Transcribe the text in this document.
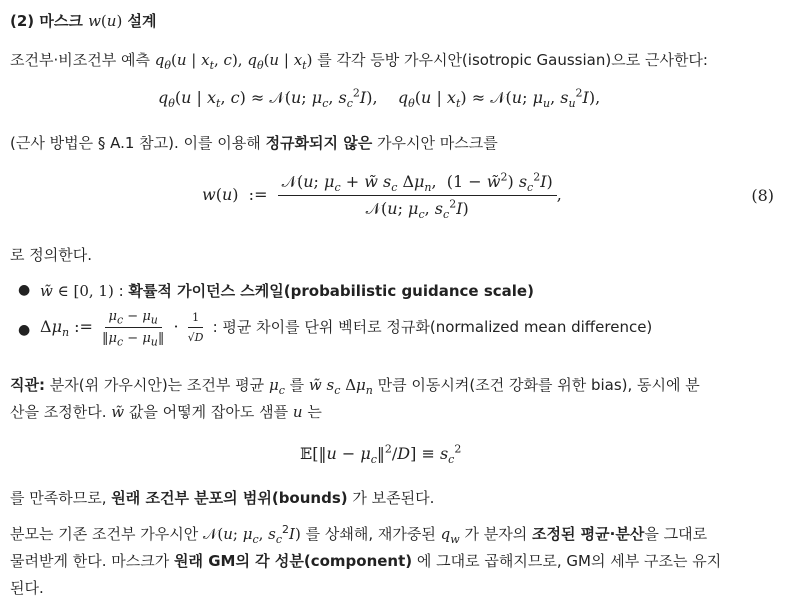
(2) 마스크 w(u) 설계
조건부·비조건부 예측 $q_\theta(u$ | $x_t$, c), $q_\theta(u$ | $x_t$) 를 각각 등방 가우시안(isotropic Gaussian)으로 근사한다:
$q_\theta(u$ | $x_t$, c) ≈ 𝒩(u; $\mu_c$, $s_c^2I$),    $q_\theta(u$ | $x_t$) ≈ 𝒩(u; $\mu_u$, $s_u^2I$),
(근사 방법은 § A.1 참고). 이를 이용해 정규화되지 않은 가우시안 마스크를
w(u)  := $\frac{𝒩(u; \mu_c + w̃ s_c \Delta\mu_n, (1 - w̃^2) s_c^2I)}{𝒩(u; \mu_c, s_c^2I)}$ ,	(8)
로 정의한다.
● w̃ ∈ [0, 1) : 확률적 가이던스 스케일(probabilistic guidance scale)
● $\Delta\mu_n$ := $\frac{\mu_c - \mu_u}{‖\mu_c - \mu_u‖} \cdot \frac{1}{√D}$ : 평균 차이를 단위 벡터로 정규화(normalized mean difference)
직관: 분자(위 가우시안)는 조건부 평균 $\mu_c$ 를 w̃ $s_c$ $\Delta\mu_n$ 만큼 이동시켜(조건 강화를 위한 bias), 동시에 분
산을 조정한다. w̃ 값을 어떻게 잡아도 샘플 u 는
𝔼[‖u − $\mu_c‖^2/D] \equiv s_c^2$
를 만족하므로, 원래 조건부 분포의 범위(bounds) 가 보존된다.
분모는 기존 조건부 가우시안 𝒩(u; $\mu_c$, $s_c^2I$) 를 상쇄해, 재가중된 $q_w$ 가 분자의 조정된 평균·분산을 그대로
물려받게 한다. 마스크가 원래 GM의 각 성분(component) 에 그대로 곱해지므로, GM의 세부 구조는 유지
된다.
